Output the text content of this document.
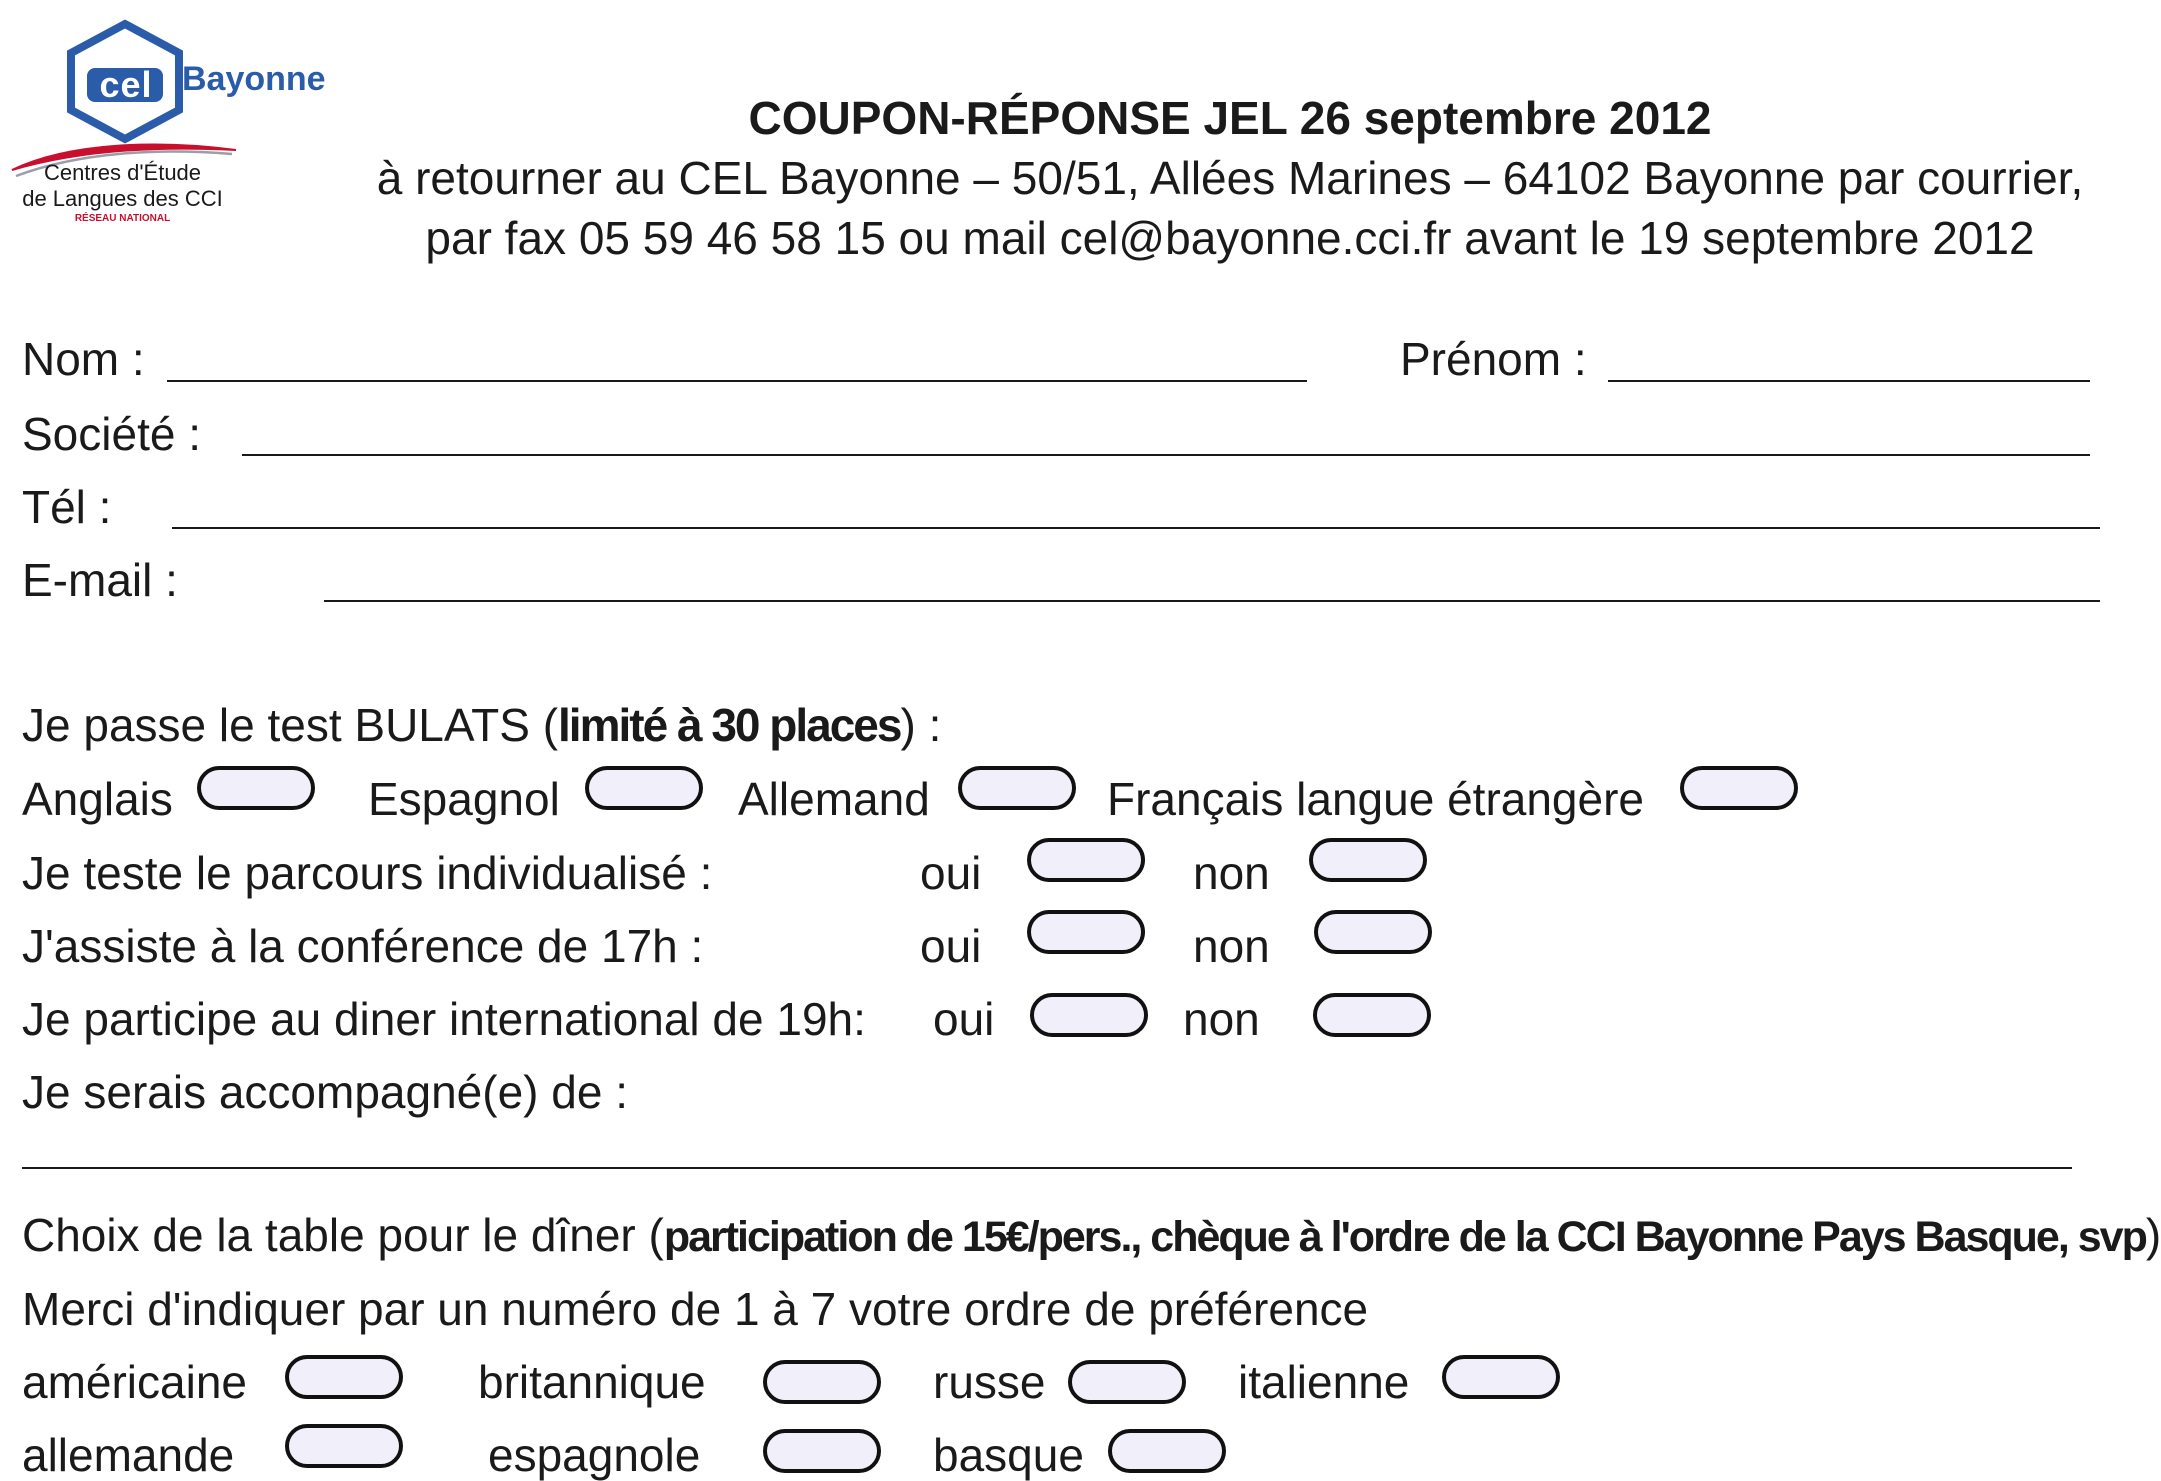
cel Bayonne
Centres d'Étude
de Langues des CCI
RÉSEAU NATIONAL
COUPON-RÉPONSE JEL 26 septembre 2012
à retourner au CEL Bayonne – 50/51, Allées Marines – 64102 Bayonne par courrier,
par fax 05 59 46 58 15 ou mail cel@bayonne.cci.fr avant le 19 septembre 2012
Nom :	Prénom :
Société :
Tél :
E-mail :
Je passe le test BULATS (limité à 30 places) :
Anglais	Espagnol	Allemand	Français langue étrangère
Je teste le parcours individualisé :	oui	non
J'assiste à la conférence de 17h :	oui	non
Je participe au diner international de 19h: oui	non
Je serais accompagné(e) de :
Choix de la table pour le dîner (participation de 15€/pers., chèque à l'ordre de la CCI Bayonne Pays Basque, svp)
Merci d'indiquer par un numéro de 1 à 7 votre ordre de préférence
américaine	britannique	russe	italienne
allemande	espagnole	basque
